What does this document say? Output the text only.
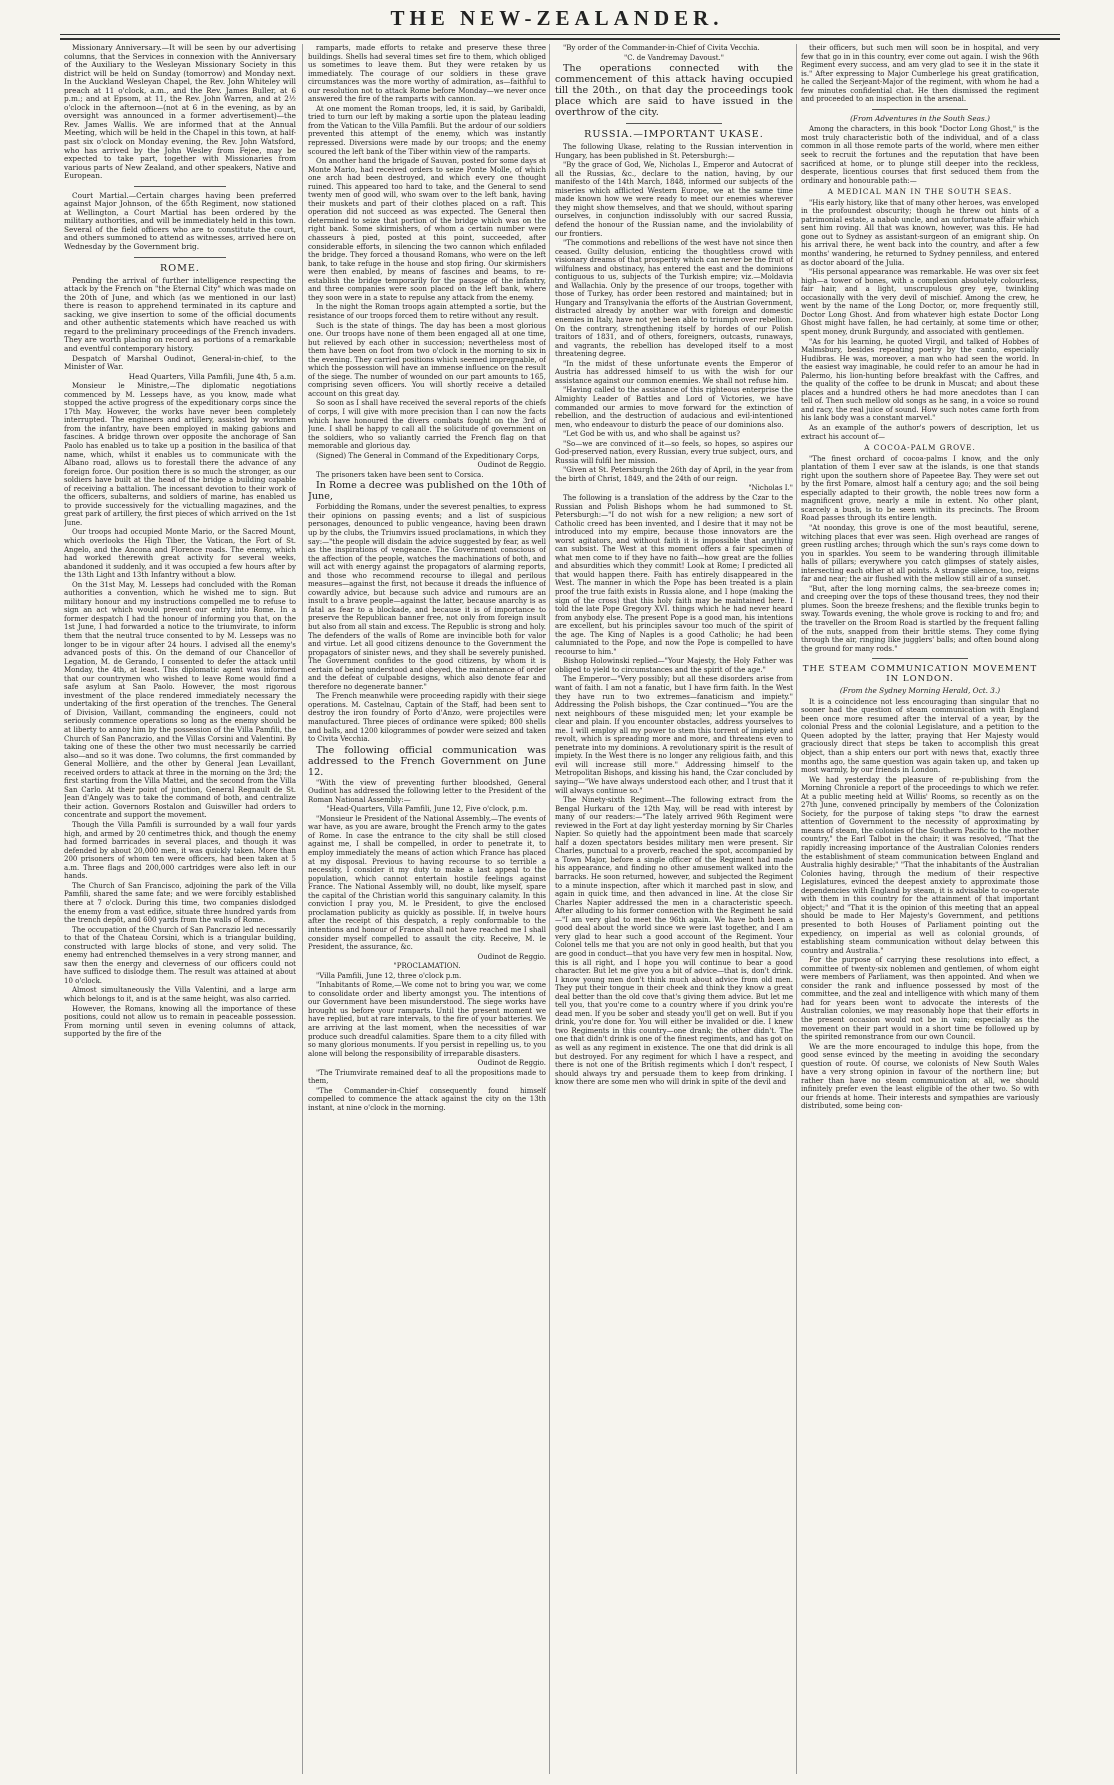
THE NEW-ZEALANDER.

Missionary Anniversary.—It will be seen by our advertising columns, that the Services in connexion with the Anniversary of the Auxiliary to the Wesleyan Missionary Society in this district will be held on Sunday (tomorrow) and Monday next. In the Auckland Wesleyan Chapel, the Rev. John Whiteley will preach at 11 o'clock, a.m., and the Rev. James Buller, at 6 p.m.; and at Epsom, at 11, the Rev. John Warren, and at 2½ o'clock in the afternoon—(not at 6 in the evening, as by an oversight was announced in a former advertisement)—the Rev. James Wallis. We are informed that at the Annual Meeting, which will be held in the Chapel in this town, at half-past six o'clock on Monday evening, the Rev. John Watsford, who has arrived by the John Wesley from Fejee, may be expected to take part, together with Missionaries from various parts of New Zealand, and other speakers, Native and European.

Court Martial.—Certain charges having been preferred against Major Johnson, of the 65th Regiment, now stationed at Wellington, a Court Martial has been ordered by the military authorities, and will be immediately held in this town. Several of the field officers who are to constitute the court, and others summoned to attend as witnesses, arrived here on Wednesday by the Government brig.

ROME.

Pending the arrival of further intelligence respecting the attack by the French on "the Eternal City" which was made on the 20th of June, and which (as we mentioned in our last) there is reason to apprehend terminated in its capture and sacking, we give insertion to some of the official documents and other authentic statements which have reached us with regard to the preliminary proceedings of the French invaders. They are worth placing on record as portions of a remarkable and eventful contemporary history.

Despatch of Marshal Oudinot, General-in-chief, to the Minister of War.

Head Quarters, Villa Pamfili, June 4th, 5 a.m.

Monsieur le Ministre,—The diplomatic negotiations commenced by M. Lesseps have, as you know, made what stopped the active progress of the expeditionary corps since the 17th May. However, the works have never been completely interrupted. The engineers and artillery, assisted by workmen from the infantry, have been employed in making gabions and fascines. A bridge thrown over opposite the anchorage of San Paolo has enabled us to take up a position in the basilica of that name, which, whilst it enables us to communicate with the Albano road, allows us to forestall there the advance of any foreign force. Our position there is so much the stronger, as our soldiers have built at the head of the bridge a building capable of receiving a battalion. The incessant devotion to their work of the officers, subalterns, and soldiers of marine, has enabled us to provide successively for the victualling magazines, and the great park of artillery, the first pieces of which arrived on the 1st June.

Our troops had occupied Monte Mario, or the Sacred Mount, which overlooks the High Tiber, the Vatican, the Fort of St. Angelo, and the Ancona and Florence roads. The enemy, which had worked therewith great activity for several weeks, abandoned it suddenly, and it was occupied a few hours after by the 13th Light and 13th Infantry without a blow.

On the 31st May, M. Lesseps had concluded with the Roman authorities a convention, which he wished me to sign. But military honour and my instructions compelled me to refuse to sign an act which would prevent our entry into Rome. In a former despatch I had the honour of informing you that, on the 1st June, I had forwarded a notice to the triumvirate, to inform them that the neutral truce consented to by M. Lesseps was no longer to be in vigour after 24 hours. I advised all the enemy's advanced posts of this. On the demand of our Chancellor of Legation, M. de Gerando, I consented to defer the attack until Monday, the 4th, at least. This diplomatic agent was informed that our countrymen who wished to leave Rome would find a safe asylum at San Paolo. However, the most rigorous investment of the place rendered immediately necessary the undertaking of the first operation of the trenches. The General of Division, Vaillant, commanding the engineers, could not seriously commence operations so long as the enemy should be at liberty to annoy him by the possession of the Villa Pamfili, the Church of San Pancrazio, and the Villas Corsini and Valentini. By taking one of these the other two must necessarily be carried also—and so it was done. Two columns, the first commanded by General Mollière, and the other by General Jean Levaillant, received orders to attack at three in the morning on the 3rd; the first starting from the Villa Mattei, and the second from the Villa San Carlo. At their point of junction, General Regnault de St. Jean d'Angely was to take the command of both, and centralize their action. Governors Rostalon and Guiswiller had orders to concentrate and support the movement.

Though the Villa Pamfili is surrounded by a wall four yards high, and armed by 20 centimetres thick, and though the enemy had formed barricades in several places, and though it was defended by about 20,000 men, it was quickly taken. More than 200 prisoners of whom ten were officers, had been taken at 5 a.m. Three flags and 200,000 cartridges were also left in our hands.

The Church of San Francisco, adjoining the park of the Villa Pamfili, shared the same fate; and we were forcibly established there at 7 o'clock. During this time, two companies dislodged the enemy from a vast edifice, situate three hundred yards from the trench depôt, and 600 yards from the walls of Rome.

The occupation of the Church of San Pancrazio led necessarily to that of the Chateau Corsini, which is a triangular building, constructed with large blocks of stone, and very solid. The enemy had entrenched themselves in a very strong manner, and saw then the energy and cleverness of our officers could not have sufficed to dislodge them. The result was attained at about 10 o'clock.

Almost simultaneously the Villa Valentini, and a large arm which belongs to it, and is at the same height, was also carried.

However, the Romans, knowing all the importance of these positions, could not allow us to remain in peaceable possession. From morning until seven in evening columns of attack, supported by the fire of the

ramparts, made efforts to retake and preserve these three buildings. Shells had several times set fire to them, which obliged us sometimes to leave them. But they were retaken by us immediately. The courage of our soldiers in these grave circumstances was the more worthy of admiration, as—faithful to our resolution not to attack Rome before Monday—we never once answered the fire of the ramparts with cannon.

At one moment the Roman troops, led, it is said, by Garibaldi, tried to turn our left by making a sortie upon the plateau leading from the Vatican to the Villa Pamfili. But the ardour of our soldiers prevented this attempt of the enemy, which was instantly repressed. Diversions were made by our troops; and the enemy scoured the left bank of the Tiber within view of the ramparts.

On another hand the brigade of Sauvan, posted for some days at Monte Mario, had received orders to seize Ponte Molle, of which one arch had been destroyed, and which every one thought ruined. This appeared too hard to take, and the General to send twenty men of good will, who swam over to the left bank, having their muskets and part of their clothes placed on a raft. This operation did not succeed as was expected. The General then determined to seize that portion of the bridge which was on the right bank. Some skirmishers, of whom a certain number were chasseurs à pied, posted at this point, succeeded, after considerable efforts, in silencing the two cannon which enfiladed the bridge. They forced a thousand Romans, who were on the left bank, to take refuge in the house and stop firing. Our skirmishers were then enabled, by means of fascines and beams, to re-establish the bridge temporarily for the passage of the infantry, and three companies were soon placed on the left bank, where they soon were in a state to repulse any attack from the enemy.

In the night the Roman troops again attempted a sortie, but the resistance of our troops forced them to retire without any result.

Such is the state of things. The day has been a most glorious one. Our troops have none of them been engaged all at one time, but relieved by each other in succession; nevertheless most of them have been on foot from two o'clock in the morning to six in the evening. They carried positions which seemed impregnable, of which the possession will have an immense influence on the result of the siege. The number of wounded on our part amounts to 165, comprising seven officers. You will shortly receive a detailed account on this great day.

So soon as I shall have received the several reports of the chiefs of corps, I will give with more precision than I can now the facts which have honoured the divers combats fought on the 3rd of June. I shall be happy to call all the solicitude of government on the soldiers, who so valiantly carried the French flag on that memorable and glorious day.

(Signed) The General in Command of the Expeditionary Corps,

Oudinot de Reggio.

The prisoners taken have been sent to Corsica.

In Rome a decree was published on the 10th of June,

Forbidding the Romans, under the severest penalties, to express their opinions on passing events; and a list of suspicious personages, denounced to public vengeance, having been drawn up by the clubs, the Triumvirs issued proclamations, in which they say:—"the people will disdain the advice suggested by fear, as well as the inspirations of vengeance. The Government conscious of the affection of the people, watches the machinations of both, and will act with energy against the propagators of alarming reports, and those who recommend recourse to illegal and perilous measures—against the first, not because it dreads the influence of cowardly advice, but because such advice and rumours are an insult to a brave people—against the latter, because anarchy is as fatal as fear to a blockade, and because it is of importance to preserve the Republican banner free, not only from foreign insult but also from all stain and excess. The Republic is strong and holy. The defenders of the walls of Rome are invincible both for valor and virtue. Let all good citizens denounce to the Government the propagators of sinister news, and they shall be severely punished. The Government confides to the good citizens, by whom it is certain of being understood and obeyed, the maintenance of order and the defeat of culpable designs, which also denote fear and therefore no degenerate banner."

The French meanwhile were proceeding rapidly with their siege operations. M. Castelnau, Captain of the Staff, had been sent to destroy the iron foundry of Porto d'Anzo, were projectiles were manufactured. Three pieces of ordinance were spiked; 800 shells and balls, and 1200 kilogrammes of powder were seized and taken to Civita Vecchia.

The following official communication was addressed to the French Government on June 12.

"With the view of preventing further bloodshed, General Oudinot has addressed the following letter to the President of the Roman National Assembly:—

"Head-Quarters, Villa Pamfili, June 12, Five o'clock, p.m.

"Monsieur le President of the National Assembly,—The events of war have, as you are aware, brought the French army to the gates of Rome. In case the entrance to the city shall be still closed against me, I shall be compelled, in order to penetrate it, to employ immediately the means of action which France has placed at my disposal. Previous to having recourse to so terrible a necessity, I consider it my duty to make a last appeal to the population, which cannot entertain hostile feelings against France. The National Assembly will, no doubt, like myself, spare the capital of the Christian world this sanguinary calamity. In this conviction I pray you, M. le President, to give the enclosed proclamation publicity as quickly as possible. If, in twelve hours after the receipt of this despatch, a reply conformable to the intentions and honour of France shall not have reached me I shall consider myself compelled to assault the city. Receive, M. le President, the assurance, &c.

Oudinot de Reggio.

"PROCLAMATION.

"Villa Pamfili, June 12, three o'clock p.m.

"Inhabitants of Rome,—We come not to bring you war, we come to consolidate order and liberty amongst you. The intentions of our Government have been misunderstood. The siege works have brought us before your ramparts. Until the present moment we have replied, but at rare intervals, to the fire of your batteries. We are arriving at the last moment, when the necessities of war produce such dreadful calamities. Spare them to a city filled with so many glorious monuments. If you persist in repelling us, to you alone will belong the responsibility of irreparable disasters.

Oudinot de Reggio.

"The Triumvirate remained deaf to all the propositions made to them,

"The Commander-in-Chief consequently found himself compelled to commence the attack against the city on the 13th instant, at nine o'clock in the morning.

"By order of the Commander-in-Chief of Civita Vecchia.

"C. de Vandremay Davoust."

The operations connected with the commencement of this attack having occupied till the 20th., on that day the proceedings took place which are said to have issued in the overthrow of the city.

RUSSIA.—IMPORTANT UKASE.

The following Ukase, relating to the Russian intervention in Hungary, has been published in St. Petersburgh:—

"By the grace of God, We, Nicholas I., Emperor and Autocrat of all the Russias, &c., declare to the nation, having, by our manifesto of the 14th March, 1848, informed our subjects of the miseries which afflicted Western Europe, we at the same time made known how we were ready to meet our enemies wherever they might show themselves, and that we should, without sparing ourselves, in conjunction indissolubly with our sacred Russia, defend the honour of the Russian name, and the inviolability of our frontiers.

"The commotions and rebellions of the west have not since then ceased. Guilty delusion, enticing the thoughtless crowd with visionary dreams of that prosperity which can never be the fruit of wilfulness and obstinacy, has entered the east and the dominions contiguous to us, subjects of the Turkish empire; viz.—Moldavia and Wallachia. Only by the presence of our troops, together with those of Turkey, has order been restored and maintained; but in Hungary and Transylvania the efforts of the Austrian Government, distracted already by another war with foreign and domestic enemies in Italy, have not yet been able to triumph over rebellion. On the contrary, strengthening itself by hordes of our Polish traitors of 1831, and of others, foreigners, outcasts, runaways, and vagrants, the rebellion has developed itself to a most threatening degree.

"In the midst of these unfortunate events the Emperor of Austria has addressed himself to us with the wish for our assistance against our common enemies. We shall not refuse him.

"Having called to the assistance of this righteous enterprise the Almighty Leader of Battles and Lord of Victories, we have commanded our armies to move forward for the extinction of rebellion, and the destruction of audacious and evil-intentioned men, who endeavour to disturb the peace of our dominions also.

"Let God be with us, and who shall be against us?

"So—we are convinced of it—so feels, so hopes, so aspires our God-preserved nation, every Russian, every true subject, ours, and Russia will fulfil her mission.

"Given at St. Petersburgh the 26th day of April, in the year from the birth of Christ, 1849, and the 24th of our reign.

"Nicholas I."

The following is a translation of the address by the Czar to the Russian and Polish Bishops whom he had summoned to St. Petersburgh:—"I do not wish for a new religion; a new sort of Catholic creed has been invented, and I desire that it may not be introduced into my empire, because those innovators are the worst agitators, and without faith it is impossible that anything can subsist. The West at this moment offers a fair specimen of what men come to if they have no faith—how great are the follies and absurdities which they commit! Look at Rome; I predicted all that would happen there. Faith has entirely disappeared in the West. The manner in which the Pope has been treated is a plain proof the true faith exists in Russia alone, and I hope (making the sign of the cross) that this holy faith may be maintained here. I told the late Pope Gregory XVI. things which he had never heard from anybody else. The present Pope is a good man, his intentions are excellent, but his principles savour too much of the spirit of the age. The King of Naples is a good Catholic; he had been calumniated to the Pope, and now the Pope is compelled to have recourse to him."

Bishop Holowinski replied—"Your Majesty, the Holy Father was obliged to yield to circumstances and the spirit of the age."

The Emperor—"Very possibly; but all these disorders arise from want of faith. I am not a fanatic, but I have firm faith. In the West they have run to two extremes—fanaticism and impiety." Addressing the Polish bishops, the Czar continued—"You are the next neighbours of these misguided men; let your example be clear and plain. If you encounter obstacles, address yourselves to me. I will employ all my power to stem this torrent of impiety and revolt, which is spreading more and more, and threatens even to penetrate into my dominions. A revolutionary spirit is the result of impiety. In the West there is no longer any religious faith, and this evil will increase still more." Addressing himself to the Metropolitan Bishops, and kissing his hand, the Czar concluded by saying—"We have always understood each other, and I trust that it will always continue so."

The Ninety-sixth Regiment—The following extract from the Bengal Hurkaru of the 12th May, will be read with interest by many of our readers:—"The lately arrived 96th Regiment were reviewed in the Fort at day light yesterday morning by Sir Charles Napier. So quietly had the appointment been made that scarcely half a dozen spectators besides military men were present. Sir Charles, punctual to a proverb, reached the spot, accompanied by a Town Major, before a single officer of the Regiment had made his appearance, and finding no other amusement walked into the barracks. He soon returned, however, and subjected the Regiment to a minute inspection, after which it marched past in slow, and again in quick time, and then advanced in line. At the close Sir Charles Napier addressed the men in a characteristic speech. After alluding to his former connection with the Regiment he said—"I am very glad to meet the 96th again. We have both been a good deal about the world since we were last together, and I am very glad to hear such a good account of the Regiment. Your Colonel tells me that you are not only in good health, but that you are good in conduct—that you have very few men in hospital. Now, this is all right, and I hope you will continue to bear a good character. But let me give you a bit of advice—that is, don't drink. I know young men don't think much about advice from old men. They put their tongue in their cheek and think they know a great deal better than the old cove that's giving them advice. But let me tell you, that you're come to a country where if you drink you're dead men. If you be sober and steady you'll get on well. But if you drink, you're done for. You will either be invalided or die. I knew two Regiments in this country—one drank; the other didn't. The one that didn't drink is one of the finest regiments, and has got on as well as any regiment in existence. The one that did drink is all but destroyed. For any regiment for which I have a respect, and there is not one of the British regiments which I don't respect, I should always try and persuade them to keep from drinking. I know there are some men who will drink in spite of the devil and

their officers, but such men will soon be in hospital, and very few that go in in this country, ever come out again. I wish the 96th Regiment every success, and am very glad to see it in the state it is." After expressing to Major Cumberlege his great gratification, he called the Serjeant-Major of the regiment, with whom he had a few minutes confidential chat. He then dismissed the regiment and proceeded to an inspection in the arsenal.

(From Adventures in the South Seas.)

Among the characters, in this book "Doctor Long Ghost," is the most truly characteristic both of the individual, and of a class common in all those remote parts of the world, where men either seek to recruit the fortunes and the reputation that have been sacrificed at home, or to plunge still deeper into the reckless, desperate, licentious courses that first seduced them from the ordinary and honourable path:—

A MEDICAL MAN IN THE SOUTH SEAS.

"His early history, like that of many other heroes, was enveloped in the profoundest obscurity; though he threw out hints of a patrimonial estate, a nabob uncle, and an unfortunate affair which sent him roving. All that was known, however, was this. He had gone out to Sydney as assistant-surgeon of an emigrant ship. On his arrival there, he went back into the country, and after a few months' wandering, he returned to Sydney penniless, and entered as doctor aboard of the Julia.

"His personal appearance was remarkable. He was over six feet high—a tower of bones, with a complexion absolutely colourless, fair hair, and a light, unscrupulous grey eye, twinkling occasionally with the very devil of mischief. Among the crew, he went by the name of the Long Doctor, or, more frequently still, Doctor Long Ghost. And from whatever high estate Doctor Long Ghost might have fallen, he had certainly, at some time or other, spent money, drunk Burgundy, and associated with gentlemen.

"As for his learning, he quoted Virgil, and talked of Hobbes of Malmsbury, besides repeating poetry by the canto, especially Hudibras. He was, moreover, a man who had seen the world. In the easiest way imaginable, he could refer to an amour he had in Palermo, his lion-hunting before breakfast with the Caffres, and the quality of the coffee to be drunk in Muscat; and about these places and a hundred others he had more anecdotes than I can tell of. Then such mellow old songs as he sang, in a voice so round and racy, the real juice of sound. How such notes came forth from his lank body was a constant marvel."

As an example of the author's powers of description, let us extract his account of—

A COCOA-PALM GROVE.

"The finest orchard of cocoa-palms I know, and the only plantation of them I ever saw at the islands, is one that stands right upon the southern shore of Papeetee Bay. They were set out by the first Pomare, almost half a century ago; and the soil being especially adapted to their growth, the noble trees now form a magnificent grove, nearly a mile in extent. No other plant, scarcely a bush, is to be seen within its precincts. The Broom Road passes through its entire length.

"At noonday, this grove is one of the most beautiful, serene, witching places that ever was seen. High overhead are ranges of green rustling arches; through which the sun's rays come down to you in sparkles. You seem to be wandering through illimitable halls of pillars; everywhere you catch glimpses of stately aisles, intersecting each other at all points. A strange silence, too, reigns far and near; the air flushed with the mellow still air of a sunset.

"But, after the long morning calms, the sea-breeze comes in; and creeping over the tops of these thousand trees, they nod their plumes. Soon the breeze freshens; and the flexible trunks begin to sway. Towards evening, the whole grove is rocking to and fro; and the traveller on the Broom Road is startled by the frequent falling of the nuts, snapped from their brittle stems. They come flying through the air, ringing like jugglers' balls; and often bound along the ground for many rods."

THE STEAM COMMUNICATION MOVEMENT IN LONDON.
(From the Sydney Morning Herald, Oct. 3.)

It is a coincidence not less encouraging than singular that no sooner had the question of steam communication with England been once more resumed after the interval of a year, by the colonial Press and the colonial Legislature, and a petition to the Queen adopted by the latter, praying that Her Majesty would graciously direct that steps be taken to accomplish this great object, than a ship enters our port with news that, exactly three months ago, the same question was again taken up, and taken up most warmly, by our friends in London.

We had yesterday the pleasure of re-publishing from the Morning Chronicle a report of the proceedings to which we refer. At a public meeting held at Willis' Rooms, so recently as on the 27th June, convened principally by members of the Colonization Society, for the purpose of taking steps "to draw the earnest attention of Government to the necessity of approximating by means of steam, the colonies of the Southern Pacific to the mother country," the Earl Talbot in the chair; it was resolved, "That the rapidly increasing importance of the Australian Colonies renders the establishment of steam communication between England and Australia highly desirable;" "That the inhabitants of the Australian Colonies having, through the medium of their respective Legislatures, evinced the deepest anxiety to approximate those dependencies with England by steam, it is advisable to co-operate with them in this country for the attainment of that important object;" and "That it is the opinion of this meeting that an appeal should be made to Her Majesty's Government, and petitions presented to both Houses of Parliament pointing out the expediency, on imperial as well as colonial grounds, of establishing steam communication without delay between this country and Australia."

For the purpose of carrying these resolutions into effect, a committee of twenty-six noblemen and gentlemen, of whom eight were members of Parliament, was then appointed. And when we consider the rank and influence possessed by most of the committee, and the zeal and intelligence with which many of them had for years been wont to advocate the interests of the Australian colonies, we may reasonably hope that their efforts in the present occasion would not be in vain; especially as the movement on their part would in a short time be followed up by the spirited remonstrance from our own Council.

We are the more encouraged to indulge this hope, from the good sense evinced by the meeting in avoiding the secondary question of route. Of course, we colonists of New South Wales have a very strong opinion in favour of the northern line; but rather than have no steam communication at all, we should infinitely prefer even the least eligible of the other two. So with our friends at home. Their interests and sympathies are variously distributed, some being con-
